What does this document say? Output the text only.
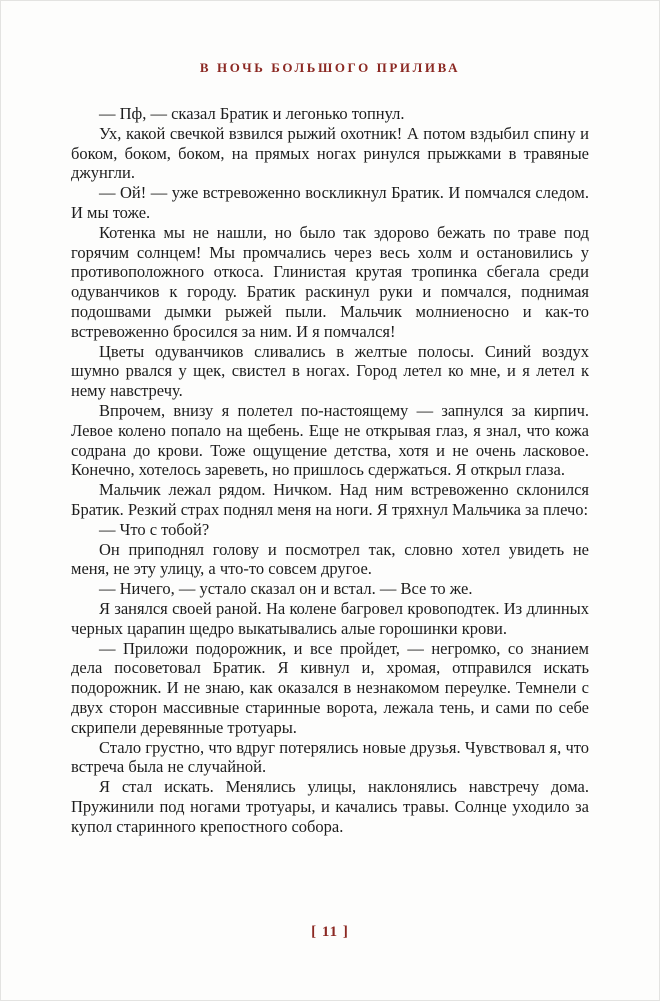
В НОЧЬ БОЛЬШОГО ПРИЛИВА

— Пф, — сказал Братик и легонько топнул.

Ух, какой свечкой взвился рыжий охотник! А потом вздыбил спину и боком, боком, боком, на прямых ногах ринулся прыжками в травяные джунгли.

— Ой! — уже встревоженно воскликнул Братик. И помчался следом. И мы тоже.

Котенка мы не нашли, но было так здорово бежать по траве под горячим солнцем! Мы промчались через весь холм и остановились у противоположного откоса. Глинистая крутая тропинка сбегала среди одуванчиков к городу. Братик раскинул руки и помчался, поднимая подошвами дымки рыжей пыли. Мальчик молниеносно и как-то встревоженно бросился за ним. И я помчался!

Цветы одуванчиков сливались в желтые полосы. Синий воздух шумно рвался у щек, свистел в ногах. Город летел ко мне, и я летел к нему навстречу.

Впрочем, внизу я полетел по-настоящему — запнулся за кирпич. Левое колено попало на щебень. Еще не открывая глаз, я знал, что кожа содрана до крови. Тоже ощущение детства, хотя и не очень ласковое. Конечно, хотелось зареветь, но пришлось сдержаться. Я открыл глаза.

Мальчик лежал рядом. Ничком. Над ним встревоженно склонился Братик. Резкий страх поднял меня на ноги. Я тряхнул Мальчика за плечо:

— Что с тобой?

Он приподнял голову и посмотрел так, словно хотел увидеть не меня, не эту улицу, а что-то совсем другое.

— Ничего, — устало сказал он и встал. — Все то же.

Я занялся своей раной. На колене багровел кровоподтек. Из длинных черных царапин щедро выкатывались алые горошинки крови.

— Приложи подорожник, и все пройдет, — негромко, со знанием дела посоветовал Братик. Я кивнул и, хромая, отправился искать подорожник. И не знаю, как оказался в незнакомом переулке. Темнели с двух сторон массивные старинные ворота, лежала тень, и сами по себе скрипели деревянные тротуары.

Стало грустно, что вдруг потерялись новые друзья. Чувствовал я, что встреча была не случайной.

Я стал искать. Менялись улицы, наклонялись навстречу дома. Пружинили под ногами тротуары, и качались травы. Солнце уходило за купол старинного крепостного собора.

[ 11 ]
